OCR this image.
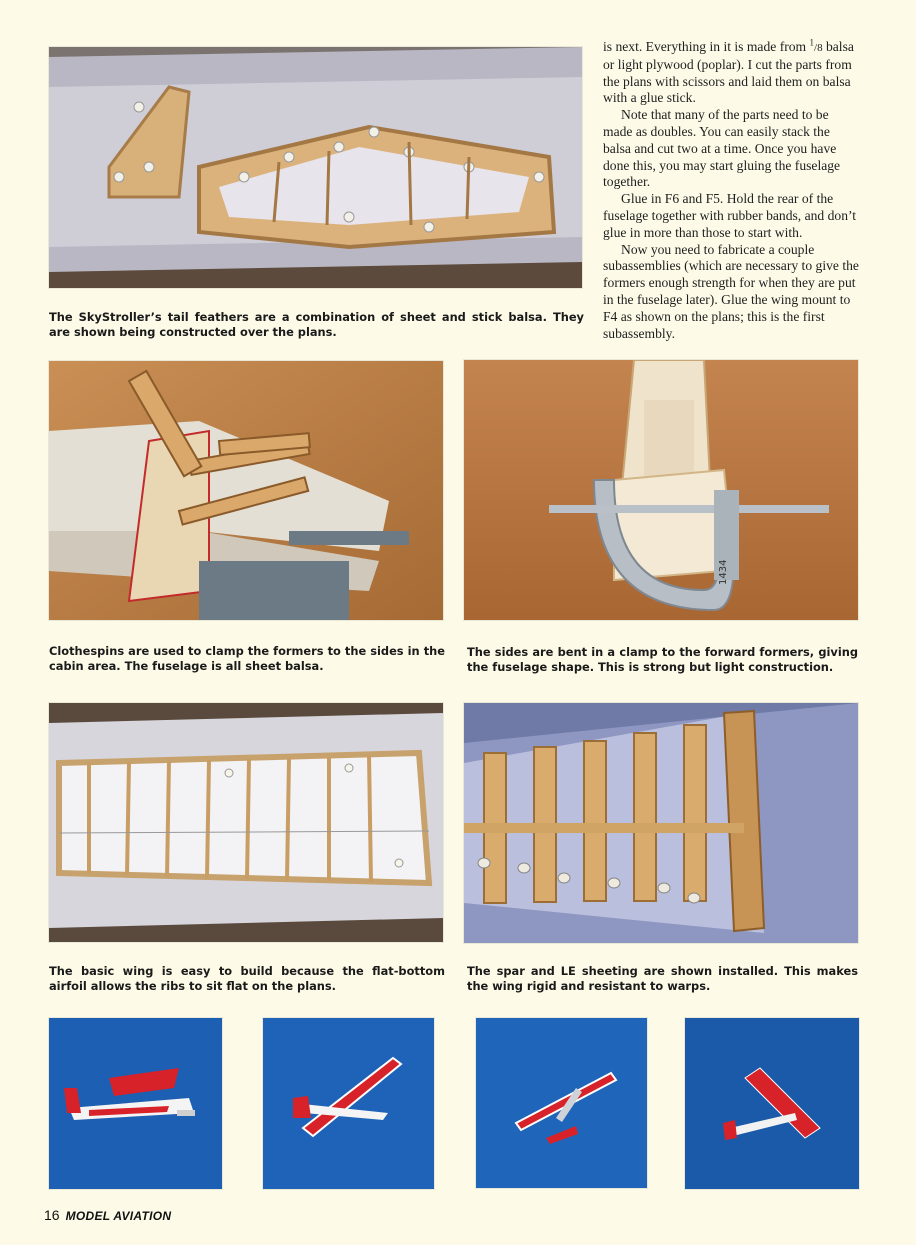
The SkyStroller’s tail feathers are a combination of sheet and stick balsa. They are shown being constructed over the plans.

is next. Everything in it is made from $^1$/8 balsa or light plywood (poplar). I cut the parts from the plans with scissors and laid them on balsa with a glue stick.

Note that many of the parts need to be made as doubles. You can easily stack the balsa and cut two at a time. Once you have done this, you may start gluing the fuselage together.

Glue in F6 and F5. Hold the rear of the fuselage together with rubber bands, and don’t glue in more than those to start with.

Now you need to fabricate a couple subassemblies (which are necessary to give the formers enough strength for when they are put in the fuselage later). Glue the wing mount to F4 as shown on the plans; this is the first subassembly.

1434
Clothespins are used to clamp the formers to the sides in the cabin area. The fuselage is all sheet balsa.
The sides are bent in a clamp to the forward formers, giving the fuselage shape. This is strong but light construction.
The basic wing is easy to build because the flat-bottom airfoil allows the ribs to sit flat on the plans.
The spar and LE sheeting are shown installed. This makes the wing rigid and resistant to warps.
16 MODEL AVIATION
